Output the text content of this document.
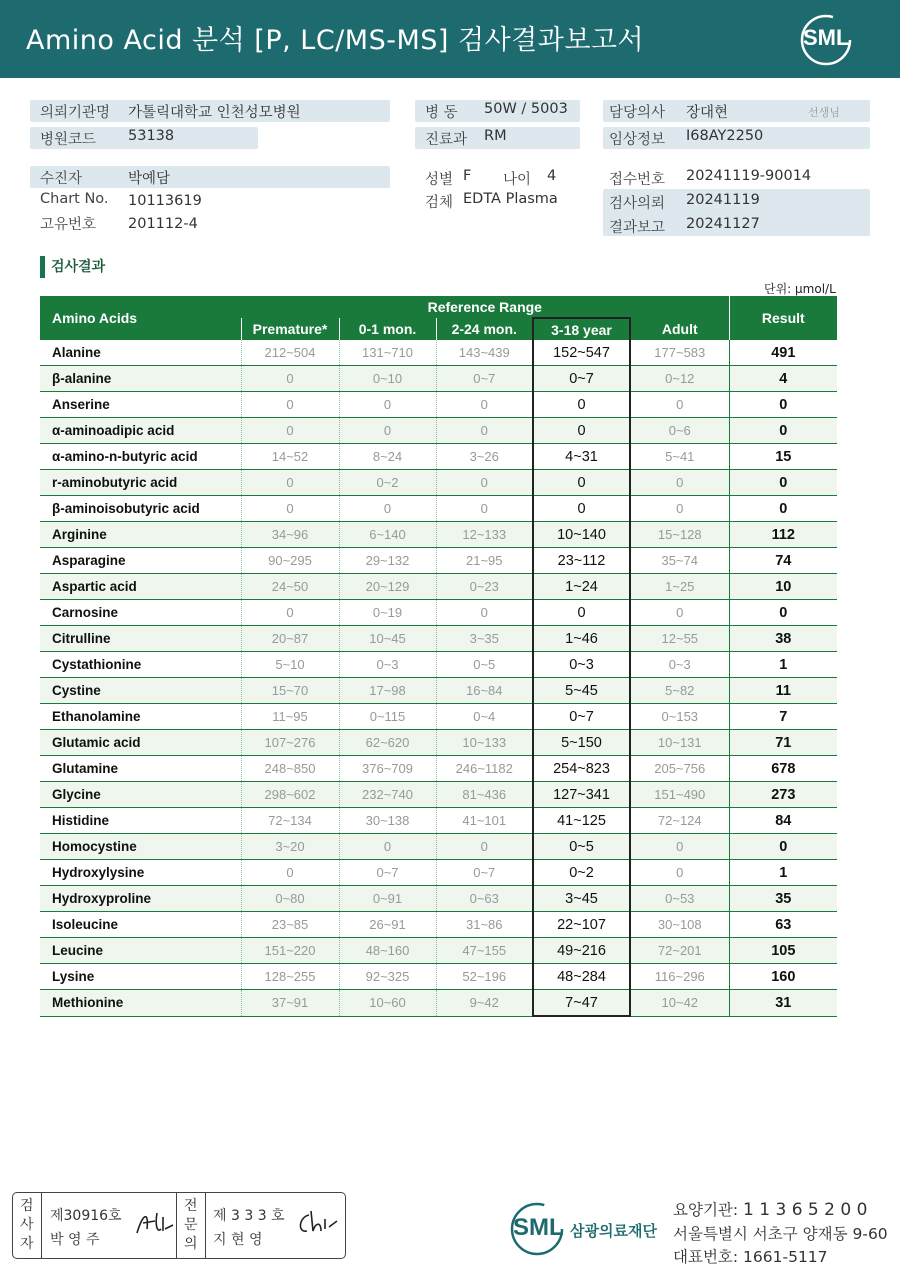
Amino Acid 분석 [P, LC/MS-MS] 검사결과보고서	SML
의뢰기관명 가톨릭대학교 인천성모병원	병 동 50W / 5003	담당의사 장대현	선생님
병원코드 53138	진료과 RM	임상정보 I68AY2250
수진자	박예담	성별 F 나이 4	접수번호 20241119-90014
Chart No. 10113619	검체 EDTA Plasma	검사의뢰 20241119
고유번호 201112-4	결과보고 20241127
검사결과
단위: μmol/L
Amino Acids	Reference Range					Result
	Premature*	0-1 mon.	2-24 mon.	3-18 year	Adult	
Alanine	212~504	131~710	143~439	152~547	177~583	491
β-alanine	0	0~10	0~7	0~7	0~12	4
Anserine	0	0	0	0	0	0
α-aminoadipic acid	0	0	0	0	0~6	0
α-amino-n-butyric acid	14~52	8~24	3~26	4~31	5~41	15
r-aminobutyric acid	0	0~2	0	0	0	0
β-aminoisobutyric acid	0	0	0	0	0	0
Arginine	34~96	6~140	12~133	10~140	15~128	112
Asparagine	90~295	29~132	21~95	23~112	35~74	74
Aspartic acid	24~50	20~129	0~23	1~24	1~25	10
Carnosine	0	0~19	0	0	0	0
Citrulline	20~87	10~45	3~35	1~46	12~55	38
Cystathionine	5~10	0~3	0~5	0~3	0~3	1
Cystine	15~70	17~98	16~84	5~45	5~82	11
Ethanolamine	11~95	0~115	0~4	0~7	0~153	7
Glutamic acid	107~276	62~620	10~133	5~150	10~131	71
Glutamine	248~850	376~709	246~1182	254~823	205~756	678
Glycine	298~602	232~740	81~436	127~341	151~490	273
Histidine	72~134	30~138	41~101	41~125	72~124	84
Homocystine	3~20	0	0	0~5	0	0
Hydroxylysine	0	0~7	0~7	0~2	0	1
Hydroxyproline	0~80	0~91	0~63	3~45	0~53	35
Isoleucine	23~85	26~91	31~86	22~107	30~108	63
Leucine	151~220	48~160	47~155	49~216	72~201	105
Lysine	128~255	92~325	52~196	48~284	116~296	160
Methionine	37~91	10~60	9~42	7~47	10~42	31
검
사
자
제30916호
박 영 주
전
문
의
제 3 3 3 호
지 현 영	SML 삼광의료재단
요양기관: 1 1 3 6 5 2 0 0
서울특별시 서초구 양재동 9-60
대표번호: 1661-5117
